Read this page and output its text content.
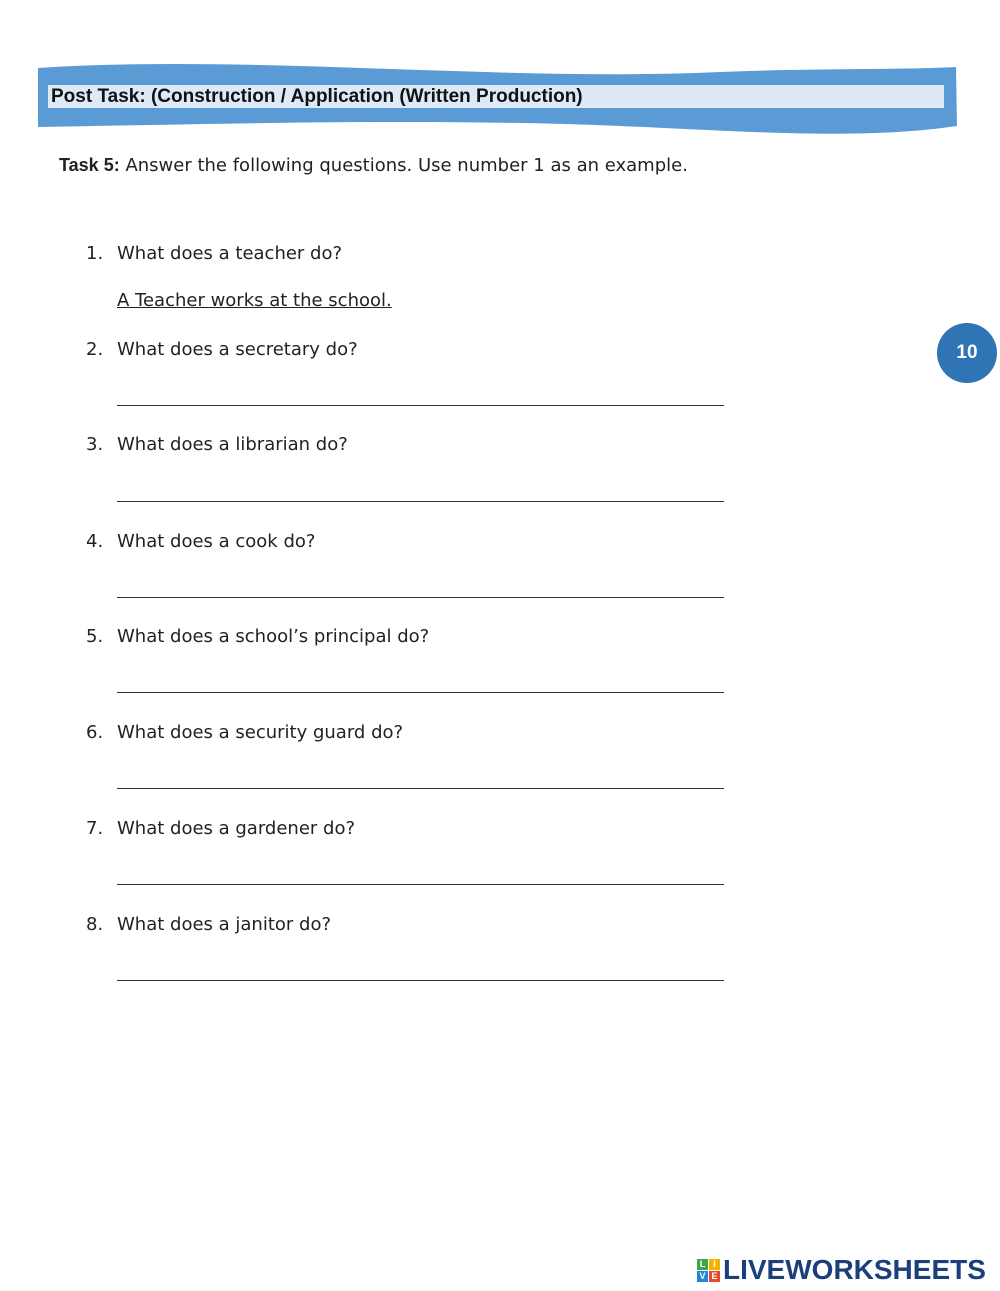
Post Task: (Construction / Application (Written Production)
Task 5: Answer the following questions. Use number 1 as an example.
10
1. What does a teacher do?
A Teacher works at the school.
2. What does a secretary do?
3. What does a librarian do?
4. What does a cook do?
5. What does a school’s principal do?
6. What does a security guard do?
7. What does a gardener do?
8. What does a janitor do?
L I
V E LIVEWORKSHEETS
